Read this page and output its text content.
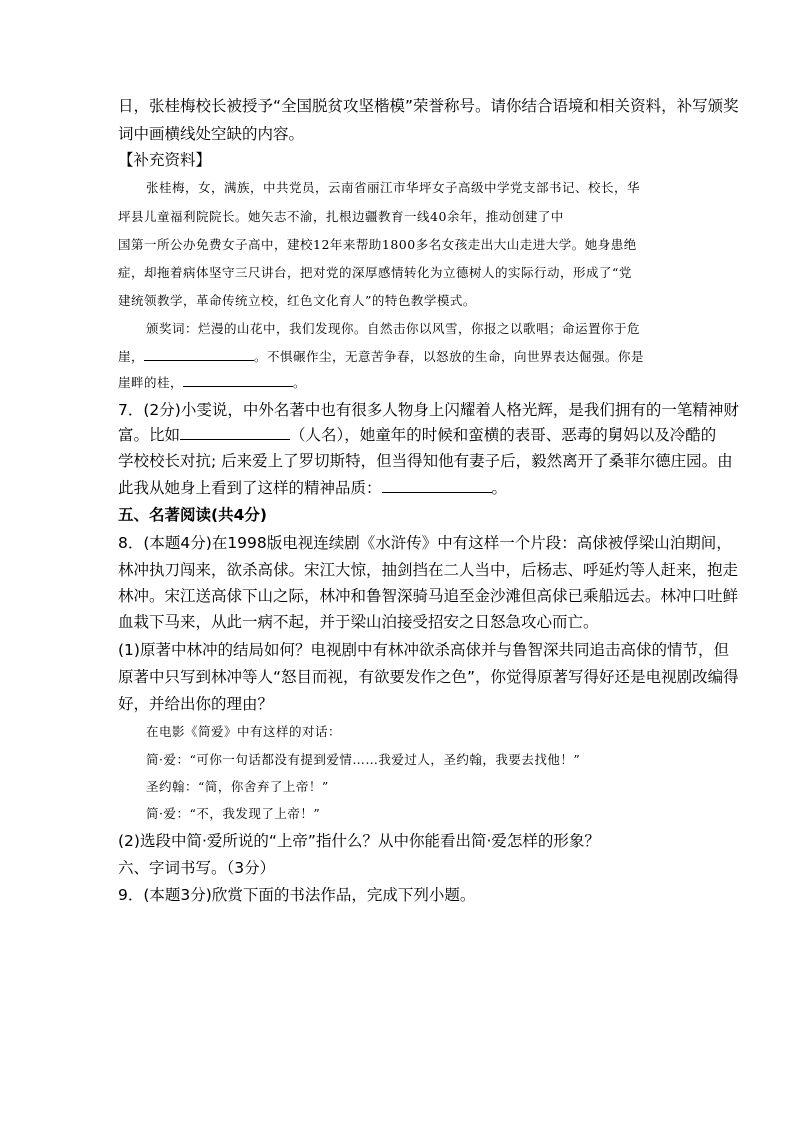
日，张桂梅校长被授予“全国脱贫攻坚楷模”荣誉称号。请你结合语境和相关资料，补写颁奖
词中画横线处空缺的内容。
【补充资料】
张桂梅，女，满族，中共党员，云南省丽江市华坪女子高级中学党支部书记、校长，华
坪县儿童福利院院长。她矢志不渝，扎根边疆教育一线40余年，推动创建了中
国第一所公办免费女子高中，建校12年来帮助1800多名女孩走出大山走进大学。她身患绝
症，却拖着病体坚守三尺讲台，把对党的深厚感情转化为立德树人的实际行动，形成了“党
建统领教学，革命传统立校，红色文化育人”的特色教学模式。
颁奖词：烂漫的山花中，我们发现你。自然击你以风雪，你报之以歌唱；命运置你于危
崖，	。不惧碾作尘，无意苦争春，以怒放的生命，向世界表达倔强。你是
崖畔的桂，	。
7．(2分)小雯说，中外名著中也有很多人物身上闪耀着人格光辉，是我们拥有的一笔精神财
富。比如	（人名），她童年的时候和蛮横的表哥、恶毒的舅妈以及冷酷的
学校校长对抗; 后来爱上了罗切斯特，但当得知他有妻子后，毅然离开了桑菲尔德庄园。由
此我从她身上看到了这样的精神品质：	。
五、名著阅读(共4分)
8．(本题4分)在1998版电视连续剧《水浒传》中有这样一个片段：高俅被俘梁山泊期间，
林冲执刀闯来，欲杀高俅。宋江大惊，抽剑挡在二人当中，后杨志、呼延灼等人赶来，抱走
林冲。宋江送高俅下山之际，林冲和鲁智深骑马追至金沙滩但高俅已乘船远去。林冲口吐鲜
血栽下马来，从此一病不起，并于梁山泊接受招安之日怒急攻心而亡。
(1)原著中林冲的结局如何？电视剧中有林冲欲杀高俅并与鲁智深共同追击高俅的情节，但
原著中只写到林冲等人“怒目而视，有欲要发作之色”，你觉得原著写得好还是电视剧改编得
好，并给出你的理由？
在电影《简爱》中有这样的对话：
简·爱：“可你一句话都没有提到爱情……我爱过人，圣约翰，我要去找他！”
圣约翰：“简，你舍弃了上帝！”
简·爱：“不，我发现了上帝！”
(2)选段中简·爱所说的“上帝”指什么？从中你能看出简·爱怎样的形象？
六、字词书写。（3分）
9．(本题3分)欣赏下面的书法作品，完成下列小题。
